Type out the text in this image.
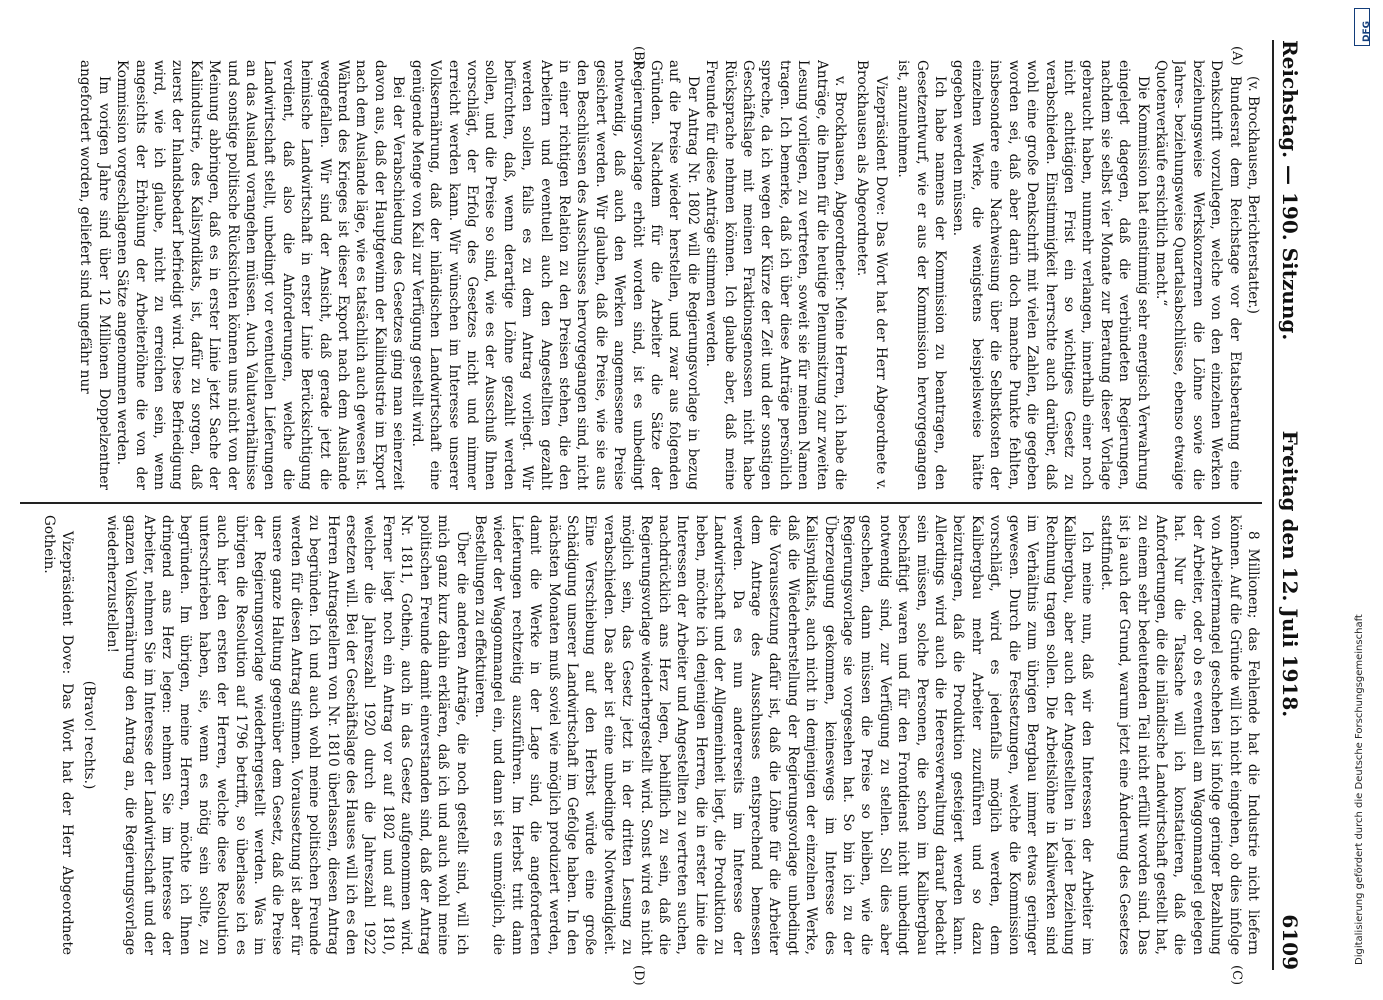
Reichstag. — 190. Sitzung.
Freitag den 12. Juli 1918.
6109
(A)
(B)
(C)
(D)

(v. Brockhausen, Berichterstatter.)

Bundesrat dem Reichstage vor der Etatsberatung eine Denkschrift vorzulegen, welche von den einzelnen Werken beziehungsweise Werkskonzernen die Löhne sowie die Jahres- beziehungsweise Quartalsabschlüsse, ebenso etwaige Quotenverkäufe ersichtlich macht.“

Die Kommission hat einstimmig sehr energisch Verwahrung eingelegt dagegen, daß die verbündeten Regierungen, nachdem sie selbst vier Monate zur Beratung dieser Vorlage gebraucht haben, nunmehr verlangen, innerhalb einer noch nicht achttägigen Frist ein so wichtiges Gesetz zu verabschieden. Einstimmigkeit herrschte auch darüber, daß wohl eine große Denkschrift mit vielen Zahlen, die gegeben worden sei, daß aber darin doch manche Punkte fehlten, insbesondere eine Nachweisung über die Selbstkosten der einzelnen Werke, die wenigstens beispielsweise hätte gegeben werden müssen.

Ich habe namens der Kommission zu beantragen, den Gesetzentwurf, wie er aus der Kommission hervorgegangen ist, anzunehmen.

Vizepräsident Dove: Das Wort hat der Herr Abgeordnete v. Brockhausen als Abgeordneter.

v. Brockhausen, Abgeordneter: Meine Herren, ich habe die Anträge, die Ihnen für die heutige Plenumsitzung zur zweiten Lesung vorliegen, zu vertreten, soweit sie für meinen Namen tragen. Ich bemerke, daß ich über diese Anträge persönlich spreche, da ich wegen der Kürze der Zeit und der sonstigen Geschäftslage mit meinen Fraktionsgenossen nicht habe Rücksprache nehmen können. Ich glaube aber, daß meine Freunde für diese Anträge stimmen werden.

Der Antrag Nr. 1802 will die Regierungsvorlage in bezug auf die Preise wieder herstellen, und zwar aus folgenden Gründen. Nachdem für die Arbeiter die Sätze der Regierungsvorlage erhöht worden sind, ist es unbedingt notwendig, daß auch den Werken angemessene Preise gesichert werden. Wir glauben, daß die Preise, wie sie aus den Beschlüssen des Ausschusses hervorgegangen sind, nicht in einer richtigen Relation zu den Preisen stehen, die den Arbeitern und eventuell auch den Angestellten gezahlt werden sollen, falls es zu dem Antrag vorliegt. Wir befürchten, daß, wenn derartige Löhne gezahlt werden sollen, und die Preise so sind, wie es der Ausschuß Ihnen vorschlägt, der Erfolg des Gesetzes nicht und nimmer erreicht werden kann. Wir wünschen im Interesse unserer Volksernährung, daß der inländischen Landwirtschaft eine genügende Menge von Kali zur Verfügung gestellt wird.

Bei der Verabschiedung des Gesetzes ging man seinerzeit davon aus, daß der Hauptgewinn der Kaliindustrie im Export nach dem Auslande läge, wie es tatsächlich auch gewesen ist. Während des Krieges ist dieser Export nach dem Auslande weggefallen. Wir sind der Ansicht, daß gerade jetzt die heimische Landwirtschaft in erster Linie Berücksichtigung verdient, daß also die Anforderungen, welche die Landwirtschaft stellt, unbedingt vor eventuellen Lieferungen an das Ausland vorangehen müssen. Auch Valutaverhältnisse und sonstige politische Rücksichten können uns nicht von der Meinung abbringen, daß es in erster Linie jetzt Sache der Kaliindustrie, des Kalisyndikats, ist, dafür zu sorgen, daß zuerst der Inlandsbedarf befriedigt wird. Diese Befriedigung wird, wie ich glaube, nicht zu erreichen sein, wenn angesichts der Erhöhung der Arbeiterlöhne die von der Kommission vorgeschlagenen Sätze angenommen werden.

Im vorigen Jahre sind über 12 Millionen Doppelzentner angefordert worden, geliefert sind ungefähr nur

8 Millionen; das Fehlende hat die Industrie nicht liefern können. Auf die Gründe will ich nicht eingehen, ob dies infolge von Arbeitermangel geschehen ist infolge geringer Bezahlung der Arbeiter, oder ob es eventuell am Waggonmangel gelegen hat. Nur die Tatsache will ich konstatieren, daß die Anforderungen, die die inländische Landwirtschaft gestellt hat, zu einem sehr bedeutenden Teil nicht erfüllt worden sind. Das ist ja auch der Grund, warum jetzt eine Änderung des Gesetzes stattfindet.

Ich meine nun, daß wir den Interessen der Arbeiter im Kalibergbau, aber auch der Angestellten in jeder Beziehung Rechnung tragen sollen. Die Arbeitslöhne in Kaliwerken sind im Verhältnis zum übrigen Bergbau immer etwas geringer gewesen. Durch die Festsetzungen, welche die Kommission vorschlägt, wird es jedenfalls möglich werden, dem Kalibergbau mehr Arbeiter zuzuführen und so dazu beizutragen, daß die Produktion gesteigert werden kann. Allerdings wird auch die Heeresverwaltung darauf bedacht sein müssen, solche Personen, die schon im Kalibergbau beschäftigt waren und für den Frontdienst nicht unbedingt notwendig sind, zur Verfügung zu stellen. Soll dies aber geschehen, dann müssen die Preise so bleiben, wie die Regierungsvorlage sie vorgesehen hat. So bin ich zu der Überzeugung gekommen, keineswegs im Interesse des Kalisyndikats, auch nicht in demjenigen der einzelnen Werke, daß die Wiederherstellung der Regierungsvorlage unbedingt die Voraussetzung dafür ist, daß die Löhne für die Arbeiter dem Antrage des Ausschusses entsprechend bemessen werden. Da es nun andererseits im Interesse der Landwirtschaft und der Allgemeinheit liegt, die Produktion zu heben, möchte ich denjenigen Herren, die in erster Linie die Interessen der Arbeiter und Angestellten zu vertreten suchen, nachdrücklich ans Herz legen, behilflich zu sein, daß die Regierungsvorlage wiederhergestellt wird. Sonst wird es nicht möglich sein, das Gesetz jetzt in der dritten Lesung zu verabschieden. Das aber ist eine unbedingte Notwendigkeit. Eine Verschiebung auf den Herbst würde eine große Schädigung unserer Landwirtschaft im Gefolge haben. In den nächsten Monaten muß soviel wie möglich produziert werden, damit die Werke in der Lage sind, die angeforderten Lieferungen rechtzeitig auszuführen. Im Herbst tritt dann wieder der Waggonmangel ein, und dann ist es unmöglich, die Bestellungen zu effektuieren.

Über die anderen Anträge, die noch gestellt sind, will ich mich ganz kurz dahin erklären, daß ich und auch wohl meine politischen Freunde damit einverstanden sind, daß der Antrag Nr. 1811, Gothein, auch in das Gesetz aufgenommen wird. Ferner liegt noch ein Antrag vor auf 1802 und auf 1810, welcher die Jahreszahl 1920 durch die Jahreszahl 1922 ersetzen will. Bei der Geschäftslage des Hauses will ich es den Herren Antragstellern von Nr. 1810 überlassen, diesen Antrag zu begründen. Ich und auch wohl meine politischen Freunde werden für diesen Antrag stimmen. Voraussetzung ist aber für unsere ganze Haltung gegenüber dem Gesetz, daß die Preise der Regierungsvorlage wiederhergestellt werden. Was im übrigen die Resolution auf 1796 betrifft, so überlasse ich es auch hier den ersten der Herren, welche diese Resolution unterschrieben haben, sie, wenn es nötig sein sollte, zu begründen. Im übrigen, meine Herren, möchte ich Ihnen dringend ans Herz legen: nehmen Sie im Interesse der Arbeiter, nehmen Sie im Interesse der Landwirtschaft und der ganzen Volksernährung den Antrag an, die Regierungsvorlage wiederherzustellen!

(Bravo! rechts.)

Vizepräsident Dove: Das Wort hat der Herr Abgeordnete Gothein.

DFG
Digitalisierung gefördert durch die Deutsche Forschungsgemeinschaft
